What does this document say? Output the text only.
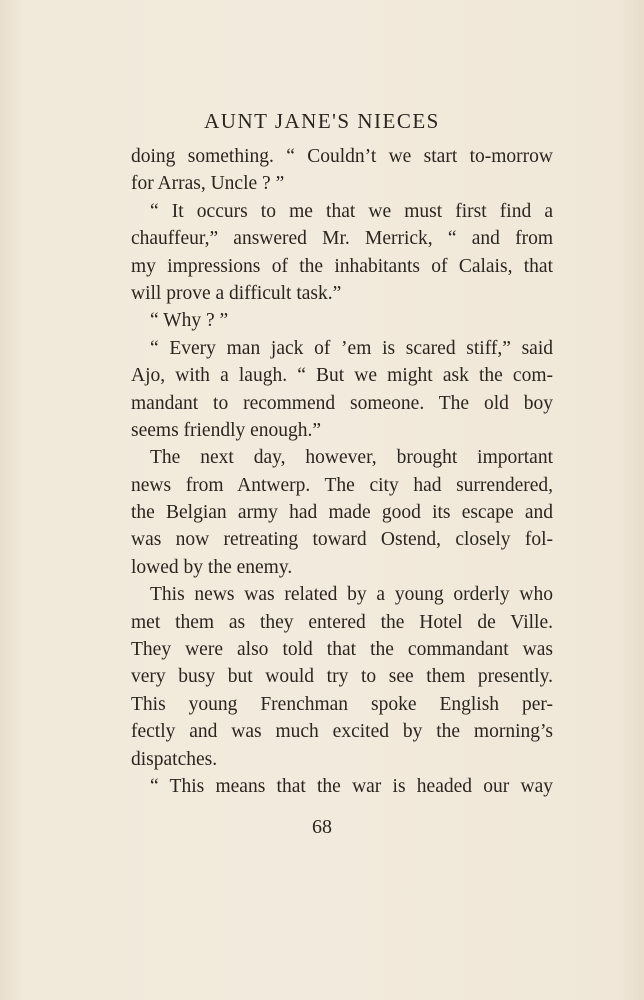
AUNT JANE'S NIECES
doing something. “ Couldn’t we start to-morrow
for Arras, Uncle ? ”
“ It occurs to me that we must first find a
chauffeur,” answered Mr. Merrick, “ and from
my impressions of the inhabitants of Calais, that
will prove a difficult task.”
“ Why ? ”
“ Every man jack of ’em is scared stiff,” said
Ajo, with a laugh. “ But we might ask the com-
mandant to recommend someone. The old boy
seems friendly enough.”
The next day, however, brought important
news from Antwerp. The city had surrendered,
the Belgian army had made good its escape and
was now retreating toward Ostend, closely fol-
lowed by the enemy.
This news was related by a young orderly who
met them as they entered the Hotel de Ville.
They were also told that the commandant was
very busy but would try to see them presently.
This young Frenchman spoke English per-
fectly and was much excited by the morning’s
dispatches.
“ This means that the war is headed our way
68
